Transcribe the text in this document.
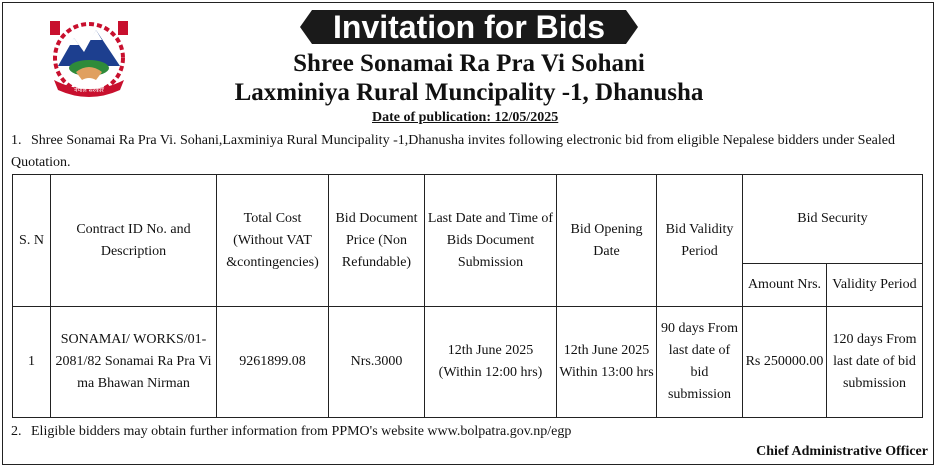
Invitation for Bids
नेपाल सरकार
Shree Sonamai Ra Pra Vi Sohani
Laxminiya Rural Muncipality -1, Dhanusha
Date of publication: 12/05/2025
1. Shree Sonamai Ra Pra Vi. Sohani,Laxminiya Rural Muncipality -1,Dhanusha invites following electronic bid from eligible Nepalese bidders under Sealed Quotation.
S. N	Contract ID No. and Description	Total Cost (Without VAT &contingencies)	Bid Document Price (Non Refundable)	Last Date and Time of Bids Document Submission	Bid Opening Date	Bid Validity Period	Bid Security	
							Amount Nrs.	Validity Period
1	SONAMAI/ WORKS/01-2081/82 Sonamai Ra Pra Vi ma Bhawan Nirman	9261899.08	Nrs.3000	12th June 2025 (Within 12:00 hrs)	12th June 2025 Within 13:00 hrs	90 days From last date of bid submission	Rs 250000.00	120 days From last date of bid submission
2. Eligible bidders may obtain further information from PPMO's website www.bolpatra.gov.np/egp
Chief Administrative Officer
